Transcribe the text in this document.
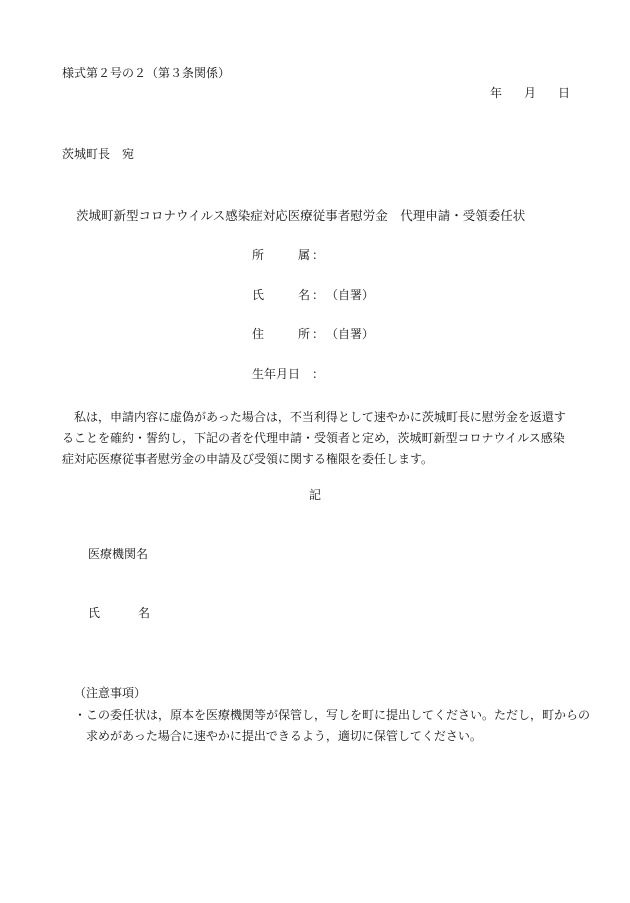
様式第２号の２（第３条関係）
年 月 日
茨城町長　宛
茨城町新型コロナウイルス感染症対応医療従事者慰労金　代理申請・受領委任状
所	属 ：
氏	名 ： （自署）
住	所 ： （自署）
生年月日 ：
私は，申請内容に虚偽があった場合は，不当利得として速やかに茨城町長に慰労金を返還することを確約・誓約し，下記の者を代理申請・受領者と定め，茨城町新型コロナウイルス感染症対応医療従事者慰労金の申請及び受領に関する権限を委任します。
記
医療機関名
氏	名
（注意事項）
・この委任状は，原本を医療機関等が保管し，写しを町に提出してください。ただし，町からの求めがあった場合に速やかに提出できるよう，適切に保管してください。
